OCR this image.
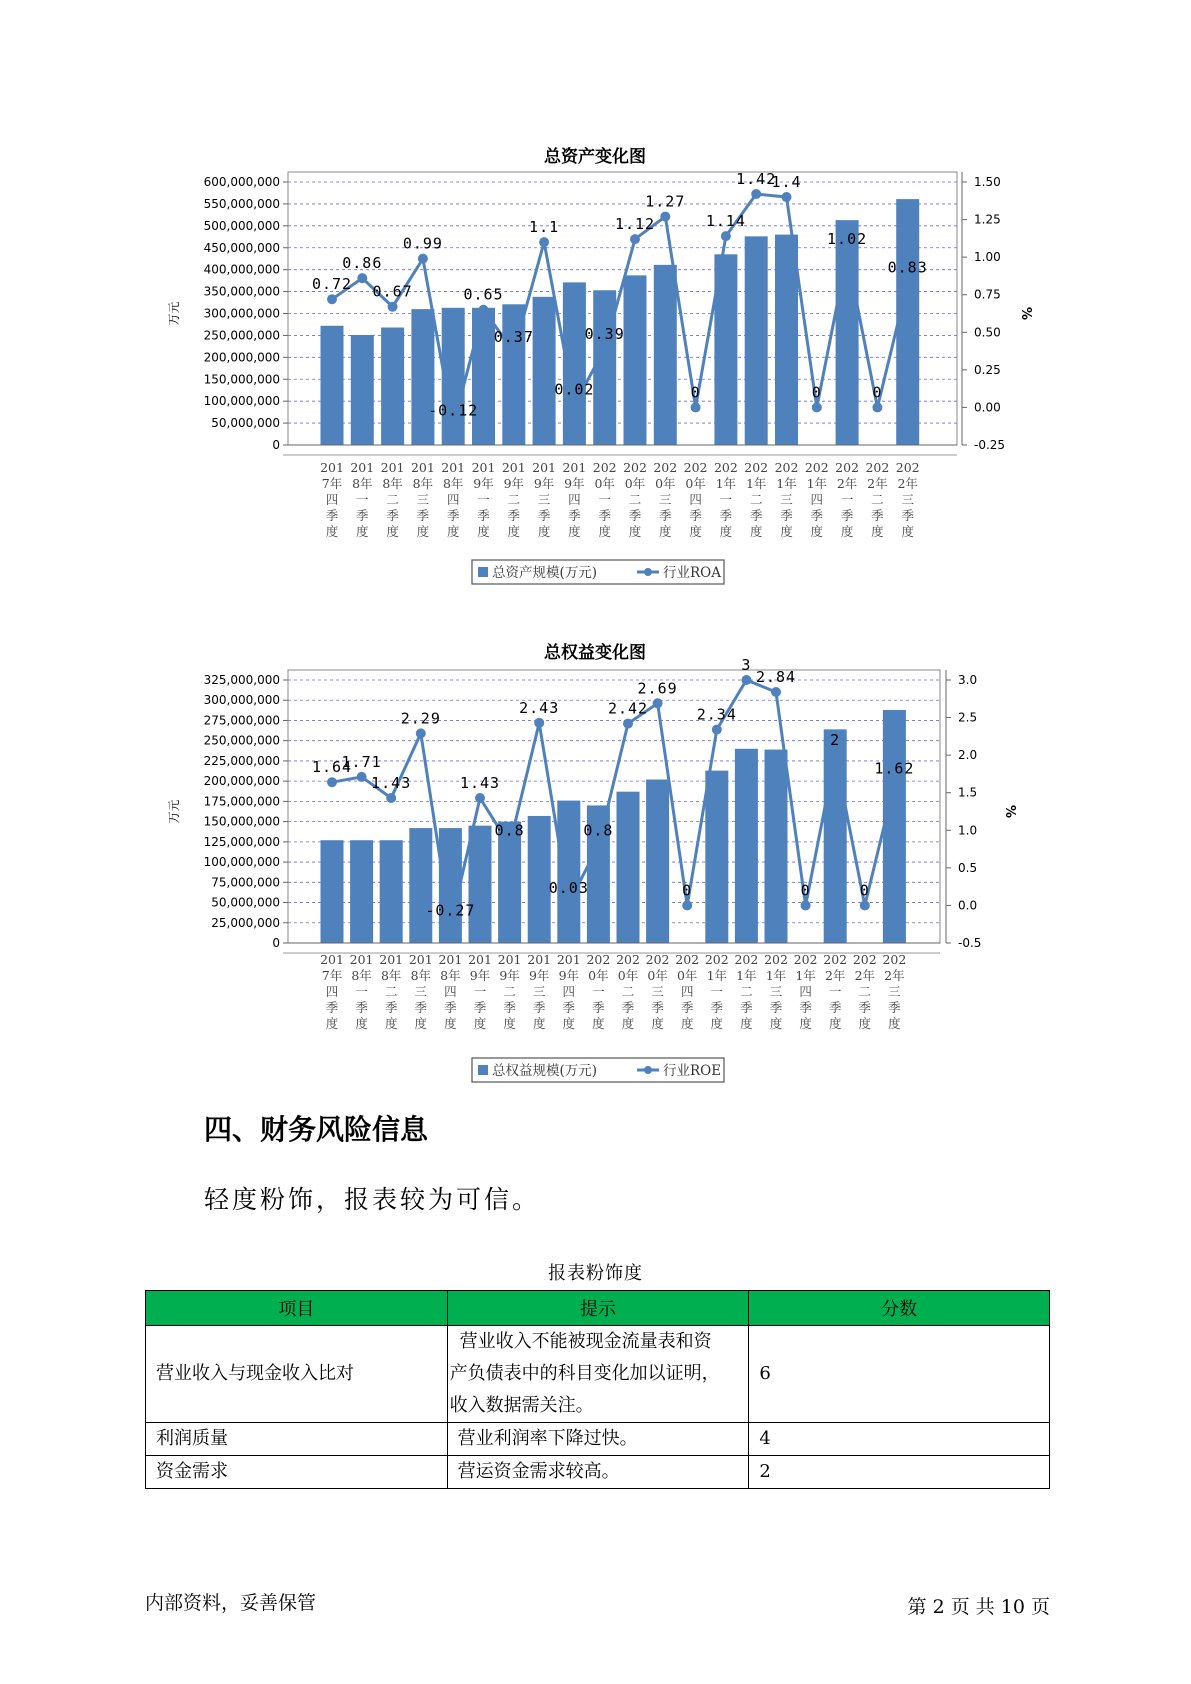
总资产变化图
0
50,000,000
100,000,000
150,000,000
200,000,000
250,000,000
300,000,000
350,000,000
400,000,000
450,000,000
500,000,000
550,000,000
600,000,000
万元
-0.25
0.00
0.25
0.50
0.75
1.00
1.25
1.50
%
0.72
0.86
0.67
0.99
-0.12
0.65
0.37
1.1
0.02
0.39
1.12
1.27
0
1.14
1.42
1.4
0
1.02
0
0.83
201
7年
四
季
度
201
8年
一
季
度
201
8年
二
季
度
201
8年
三
季
度
201
8年
四
季
度
201
9年
一
季
度
201
9年
二
季
度
201
9年
三
季
度
201
9年
四
季
度
202
0年
一
季
度
202
0年
二
季
度
202
0年
三
季
度
202
0年
四
季
度
202
1年
一
季
度
202
1年
二
季
度
202
1年
三
季
度
202
1年
四
季
度
202
2年
一
季
度
202
2年
二
季
度
202
2年
三
季
度
总资产规模(万元)	行业ROA
总权益变化图
0
25,000,000
50,000,000
75,000,000
100,000,000
125,000,000
150,000,000
175,000,000
200,000,000
225,000,000
250,000,000
275,000,000
300,000,000
325,000,000
万元
-0.5
0.0
0.5
1.0
1.5
2.0
2.5
3.0
%
1.64
1.71
1.43
2.29
-0.27
1.43
0.8
2.43
0.03
0.8
2.42
2.69
0
2.34
3
2.84
0
2
0
1.62
201
7年
四
季
度
201
8年
一
季
度
201
8年
二
季
度
201
8年
三
季
度
201
8年
四
季
度
201
9年
一
季
度
201
9年
二
季
度
201
9年
三
季
度
201
9年
四
季
度
202
0年
一
季
度
202
0年
二
季
度
202
0年
三
季
度
202
0年
四
季
度
202
1年
一
季
度
202
1年
二
季
度
202
1年
三
季
度
202
1年
四
季
度
202
2年
一
季
度
202
2年
二
季
度
202
2年
三
季
度
总权益规模(万元)	行业ROE
四、财务风险信息
轻度粉饰，报表较为可信。
报表粉饰度
项目	提示	分数
营业收入与现金收入比对	营业收入不能被现金流量表和资
产负债表中的科目变化加以证明，
收入数据需关注。	6
利润质量	营业利润率下降过快。	4
资金需求	营运资金需求较高。	2
内部资料，妥善保管	第 2 页 共 10 页
